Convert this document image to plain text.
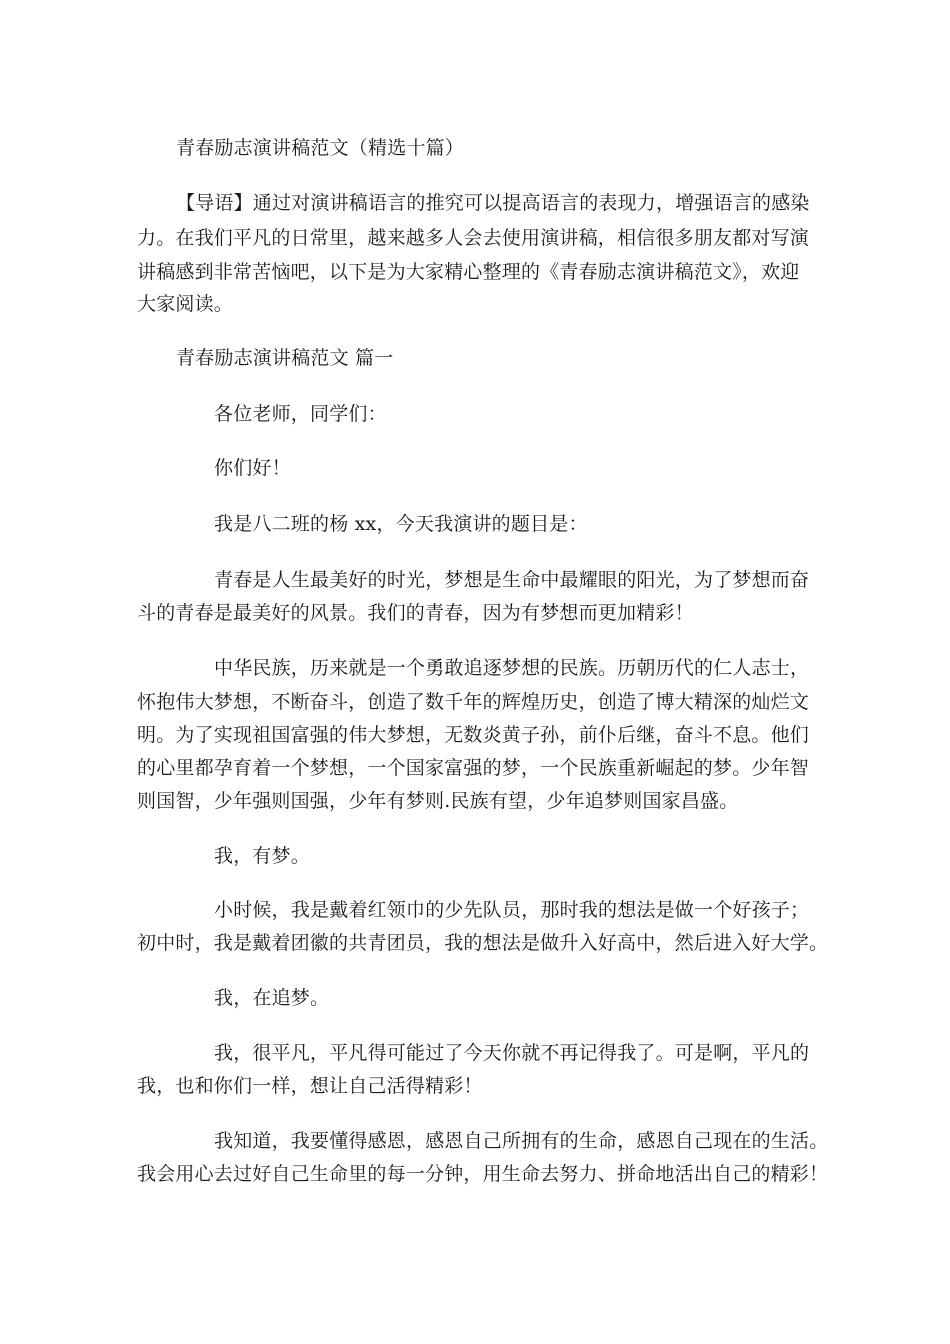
青春励志演讲稿范文（精选十篇）
【导语】通过对演讲稿语言的推究可以提高语言的表现力，增强语言的感染
力。在我们平凡的日常里，越来越多人会去使用演讲稿，相信很多朋友都对写演
讲稿感到非常苦恼吧，以下是为大家精心整理的《青春励志演讲稿范文》，欢迎
大家阅读。
青春励志演讲稿范文 篇一
各位老师，同学们：
你们好！
我是八二班的杨 xx，今天我演讲的题目是：
青春是人生最美好的时光，梦想是生命中最耀眼的阳光，为了梦想而奋
斗的青春是最美好的风景。我们的青春，因为有梦想而更加精彩！
中华民族，历来就是一个勇敢追逐梦想的民族。历朝历代的仁人志士，
怀抱伟大梦想，不断奋斗，创造了数千年的辉煌历史，创造了博大精深的灿烂文
明。为了实现祖国富强的伟大梦想，无数炎黄子孙，前仆后继，奋斗不息。他们
的心里都孕育着一个梦想，一个国家富强的梦，一个民族重新崛起的梦。少年智
则国智，少年强则国强，少年有梦则.民族有望，少年追梦则国家昌盛。
我，有梦。
小时候，我是戴着红领巾的少先队员，那时我的想法是做一个好孩子；
初中时，我是戴着团徽的共青团员，我的想法是做升入好高中，然后进入好大学。
我，在追梦。
我，很平凡，平凡得可能过了今天你就不再记得我了。可是啊，平凡的
我，也和你们一样，想让自己活得精彩！
我知道，我要懂得感恩，感恩自己所拥有的生命，感恩自己现在的生活。
我会用心去过好自己生命里的每一分钟，用生命去努力、拼命地活出自己的精彩！
